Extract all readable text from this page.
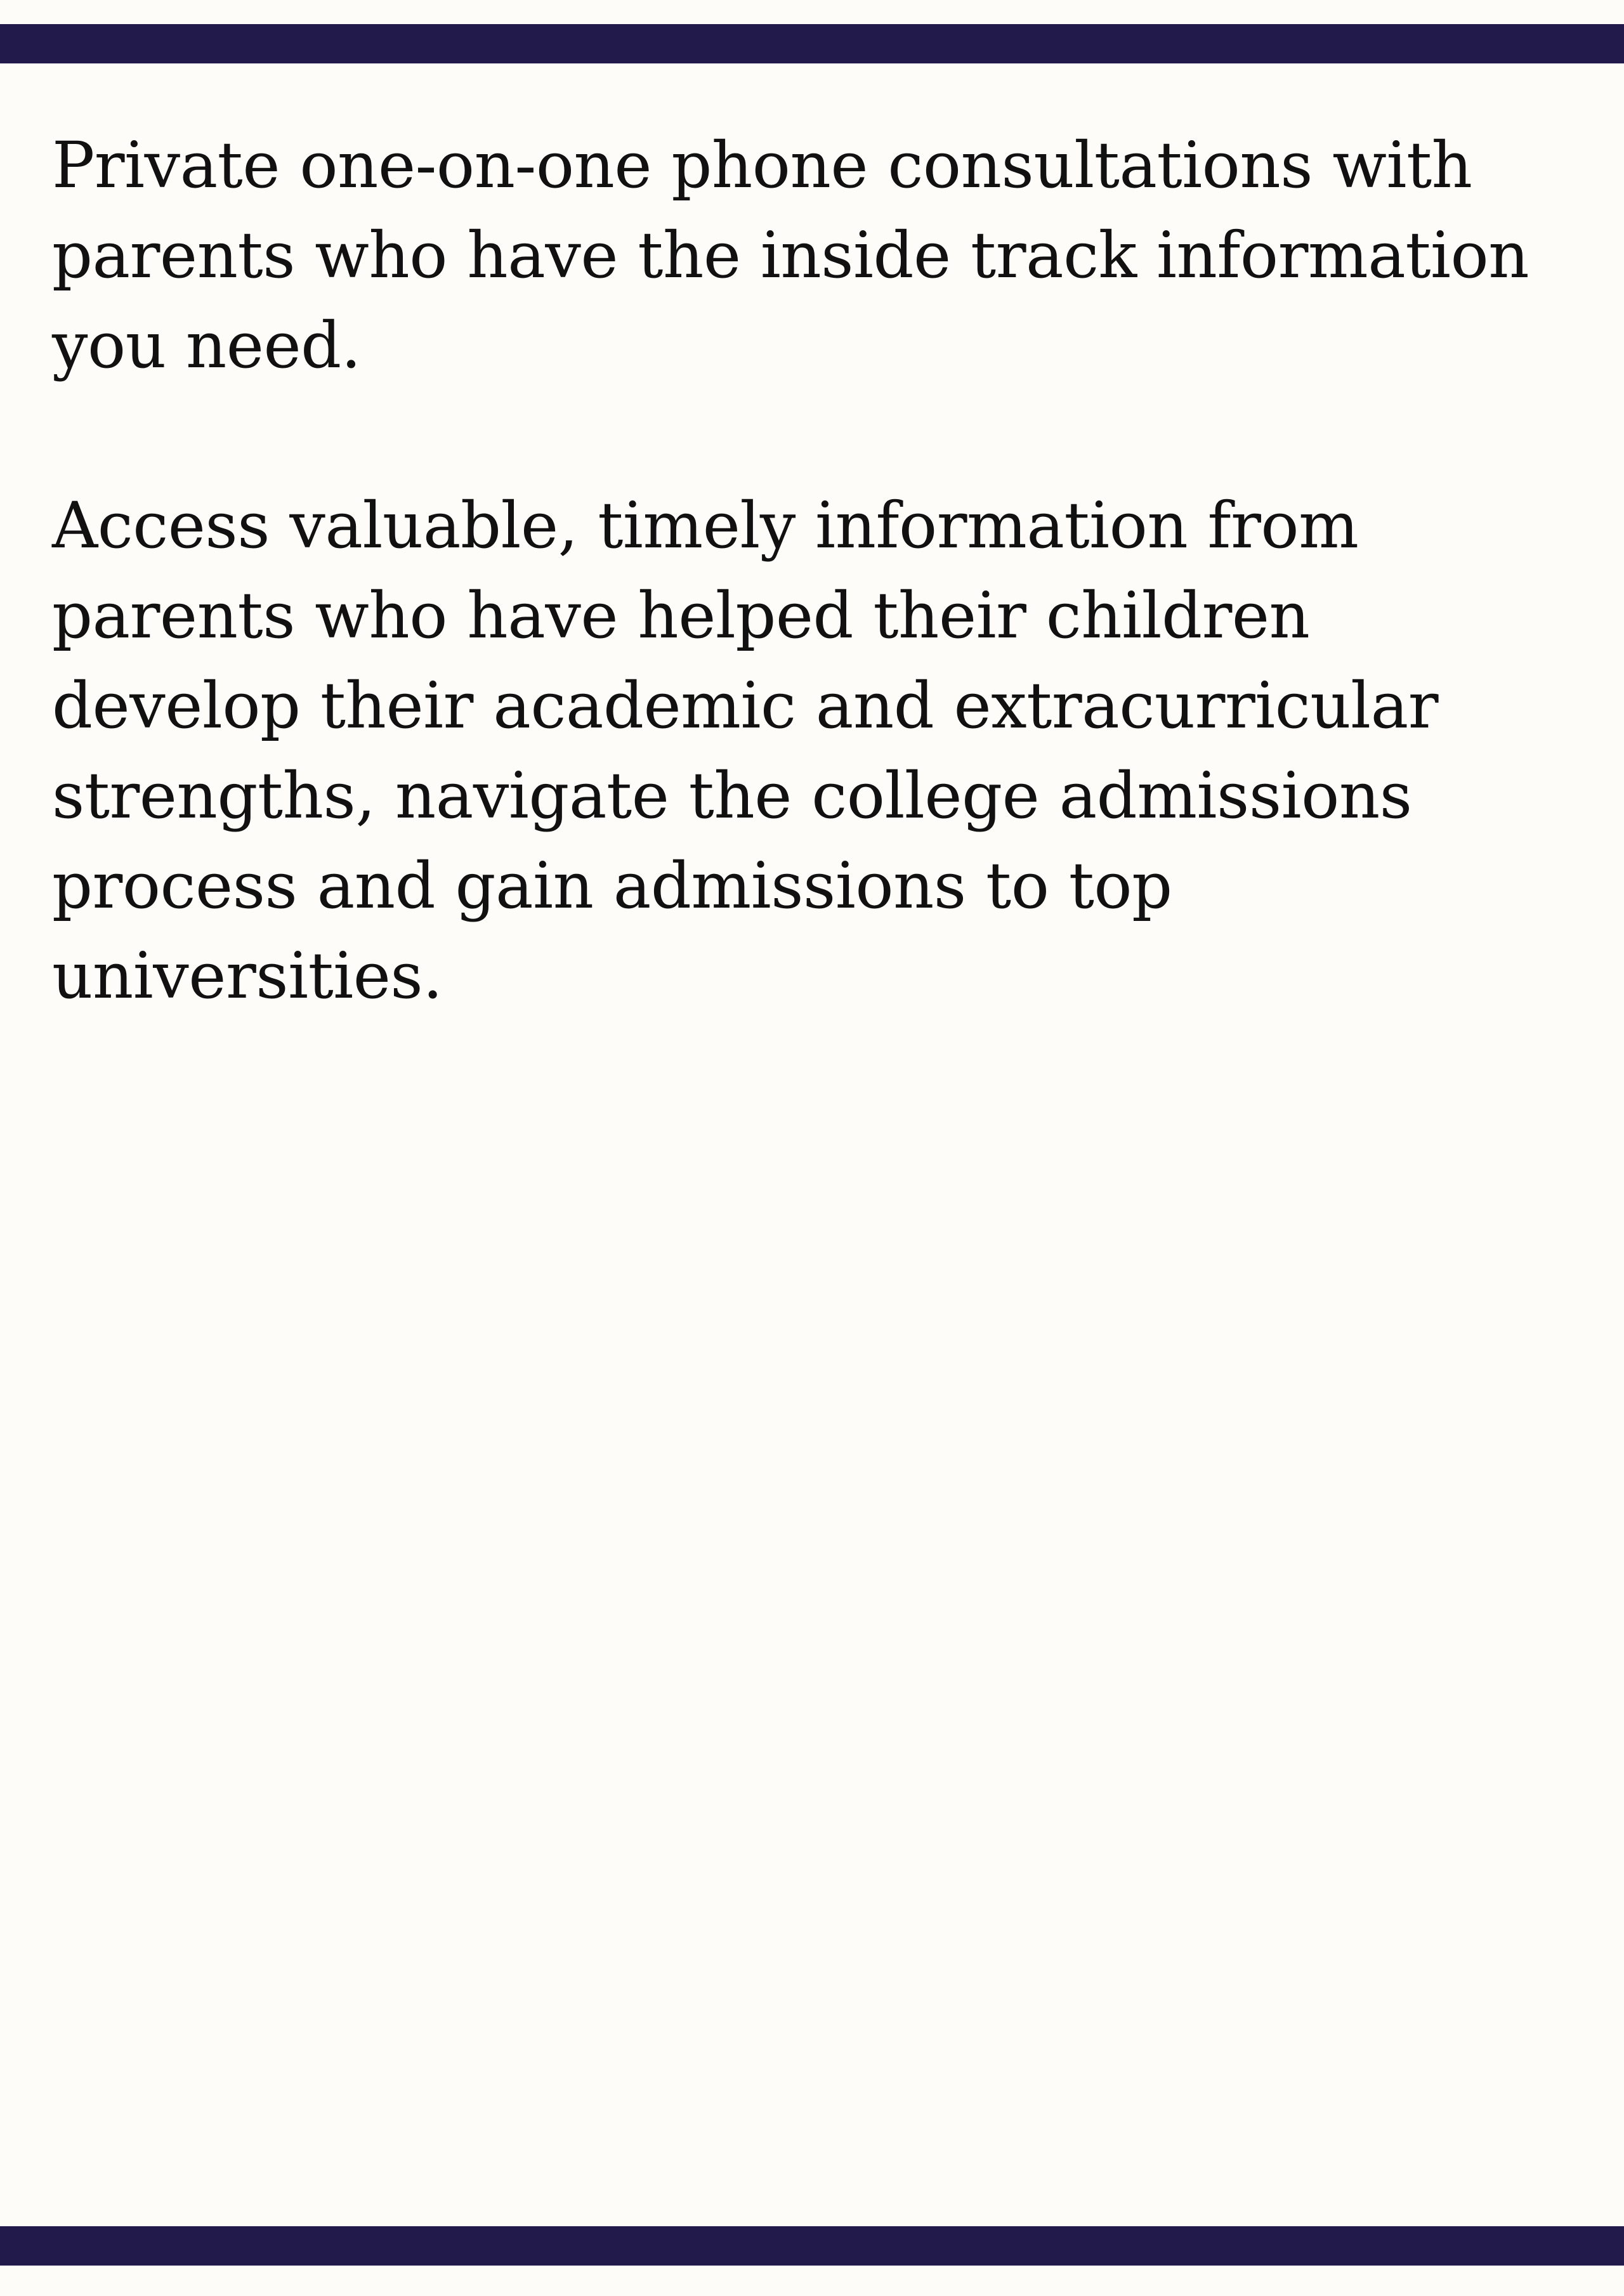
Private one-on-one phone consultations with
parents who have the inside track information
you need.

Access valuable, timely information from
parents who have helped their children
develop their academic and extracurricular
strengths, navigate the college admissions
process and gain admissions to top
universities.
